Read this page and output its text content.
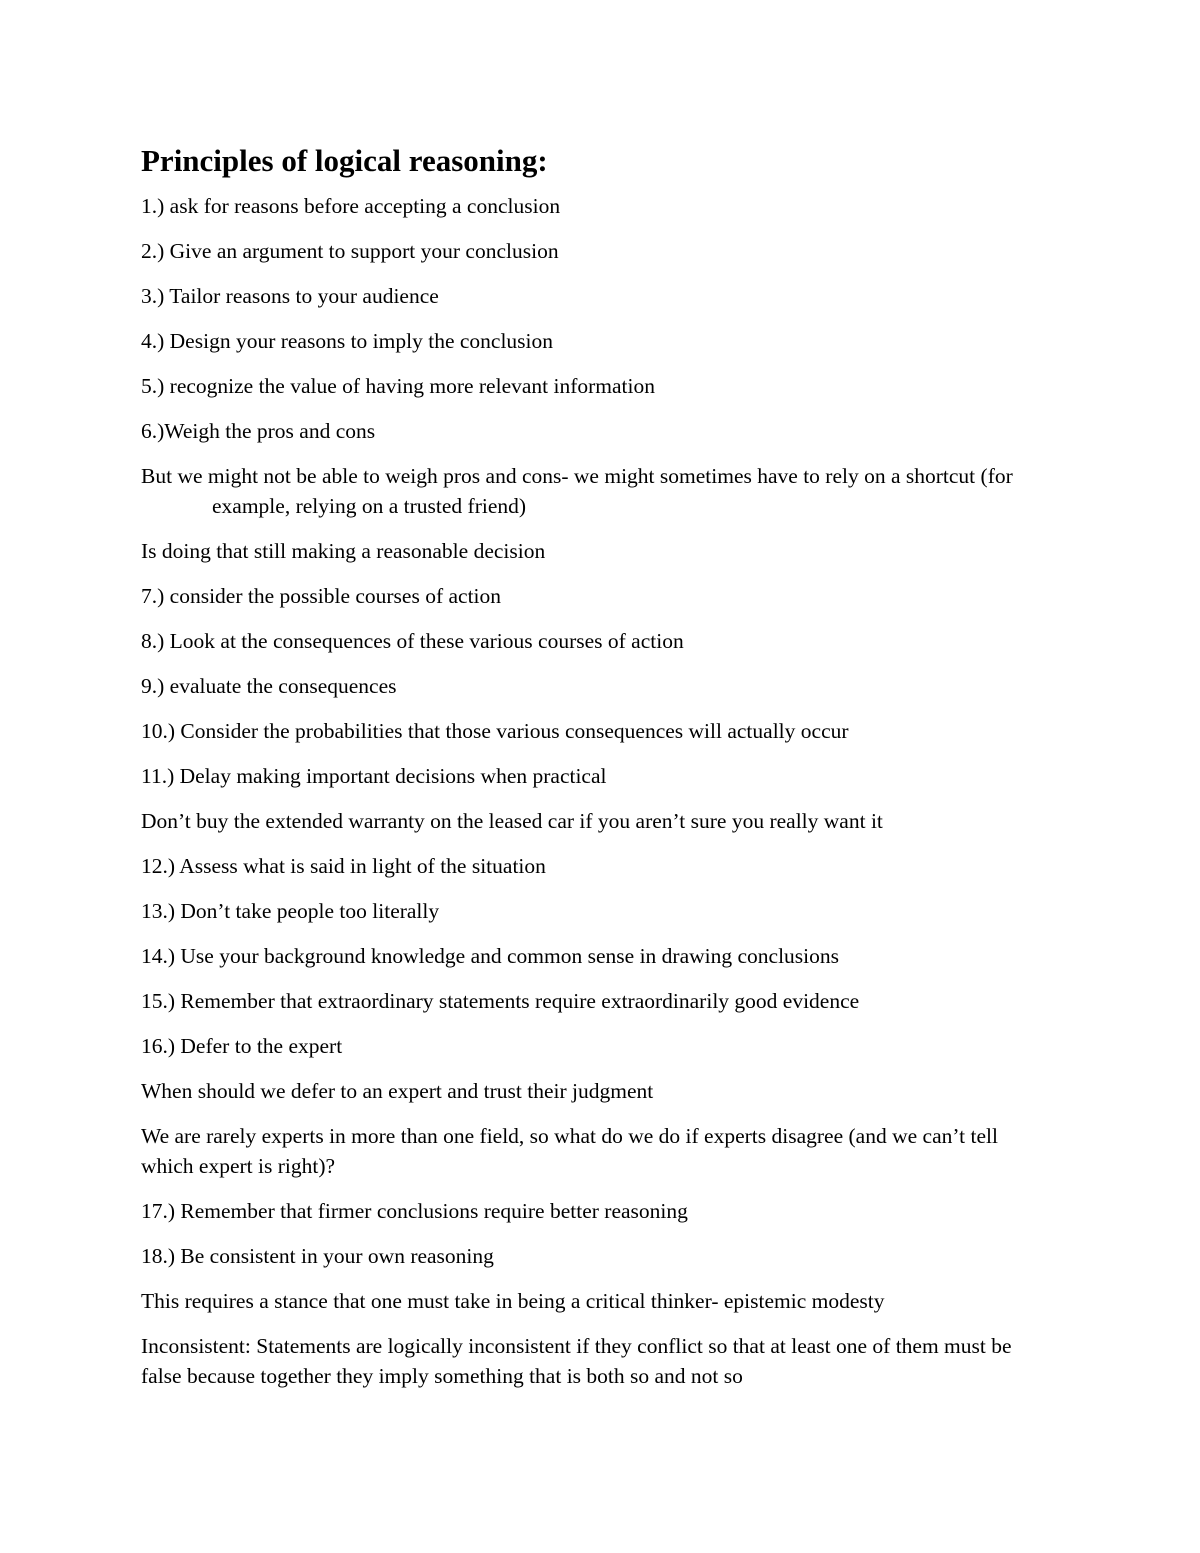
Principles of logical reasoning:
1.) ask for reasons before accepting a conclusion
2.) Give an argument to support your conclusion
3.) Tailor reasons to your audience
4.) Design your reasons to imply the conclusion
5.) recognize the value of having more relevant information
6.)Weigh the pros and cons
But we might not be able to weigh pros and cons- we might sometimes have to rely on a shortcut (for example, relying on a trusted friend)
Is doing that still making a reasonable decision
7.) consider the possible courses of action
8.) Look at the consequences of these various courses of action
9.) evaluate the consequences
10.) Consider the probabilities that those various consequences will actually occur
11.) Delay making important decisions when practical
Don’t buy the extended warranty on the leased car if you aren’t sure you really want it
12.) Assess what is said in light of the situation
13.) Don’t take people too literally
14.) Use your background knowledge and common sense in drawing conclusions
15.) Remember that extraordinary statements require extraordinarily good evidence
16.) Defer to the expert
When should we defer to an expert and trust their judgment
We are rarely experts in more than one field, so what do we do if experts disagree (and we can’t tell which expert is right)?
17.) Remember that firmer conclusions require better reasoning
18.) Be consistent in your own reasoning
This requires a stance that one must take in being a critical thinker- epistemic modesty
Inconsistent: Statements are logically inconsistent if they conflict so that at least one of them must be false because together they imply something that is both so and not so
